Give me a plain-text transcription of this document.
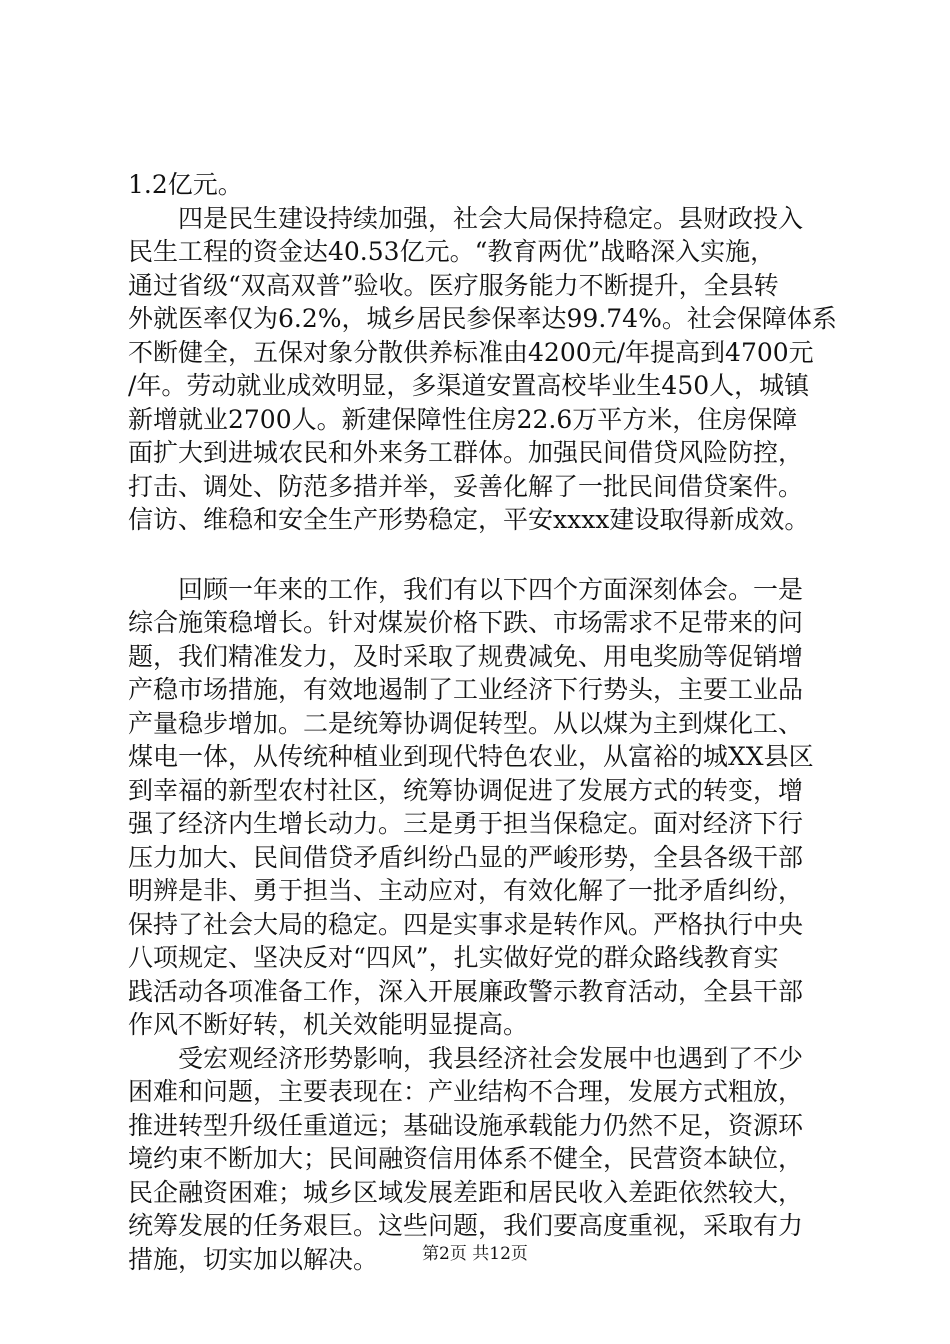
1.2亿元。
　　四是民生建设持续加强，社会大局保持稳定。县财政投入
民生工程的资金达40.53亿元。“教育两优”战略深入实施，
通过省级“双高双普”验收。医疗服务能力不断提升，全县转
外就医率仅为6.2%，城乡居民参保率达99.74%。社会保障体系
不断健全，五保对象分散供养标准由4200元/年提高到4700元
/年。劳动就业成效明显，多渠道安置高校毕业生450人，城镇
新增就业2700人。新建保障性住房22.6万平方米，住房保障
面扩大到进城农民和外来务工群体。加强民间借贷风险防控，
打击、调处、防范多措并举，妥善化解了一批民间借贷案件。
信访、维稳和安全生产形势稳定，平安xxxx建设取得新成效。
　　回顾一年来的工作，我们有以下四个方面深刻体会。一是
综合施策稳增长。针对煤炭价格下跌、市场需求不足带来的问
题，我们精准发力，及时采取了规费减免、用电奖励等促销增
产稳市场措施，有效地遏制了工业经济下行势头，主要工业品
产量稳步增加。二是统筹协调促转型。从以煤为主到煤化工、
煤电一体，从传统种植业到现代特色农业，从富裕的城XX县区
到幸福的新型农村社区，统筹协调促进了发展方式的转变，增
强了经济内生增长动力。三是勇于担当保稳定。面对经济下行
压力加大、民间借贷矛盾纠纷凸显的严峻形势，全县各级干部
明辨是非、勇于担当、主动应对，有效化解了一批矛盾纠纷，
保持了社会大局的稳定。四是实事求是转作风。严格执行中央
八项规定、坚决反对“四风”，扎实做好党的群众路线教育实
践活动各项准备工作，深入开展廉政警示教育活动，全县干部
作风不断好转，机关效能明显提高。
　　受宏观经济形势影响，我县经济社会发展中也遇到了不少
困难和问题，主要表现在：产业结构不合理，发展方式粗放，
推进转型升级任重道远；基础设施承载能力仍然不足，资源环
境约束不断加大；民间融资信用体系不健全，民营资本缺位，
民企融资困难；城乡区域发展差距和居民收入差距依然较大，
统筹发展的任务艰巨。这些问题，我们要高度重视，采取有力
措施，切实加以解决。	第2页 共12页
